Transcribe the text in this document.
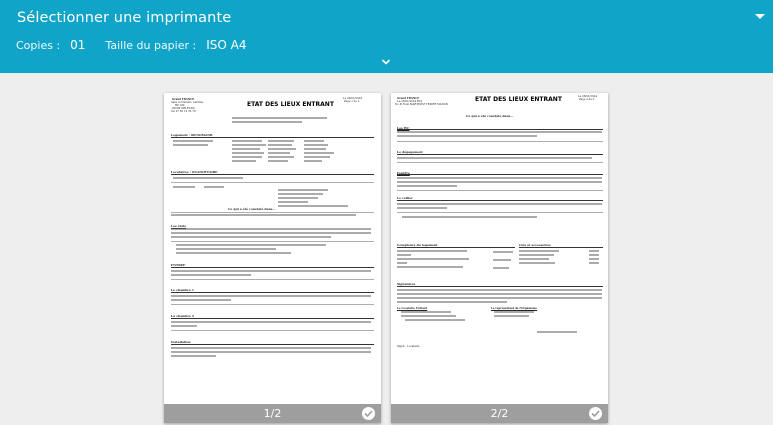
Sélectionner une imprimante
Copies : 01 Taille du papier : ISO A4
Grand FRANCE
Sans le Numéro Lardine
BP 100
45000 ORLÉANS
Tel 07 65 12 35 78
ETAT DES LIEUX ENTRANT
Le 28/01/2024
Page 1 de 2
Logement : 00/NOMANB
Locataires : 03/ANOTTAIRE
Ce qui a été constaté dans...
Les états
ENTRÉE
Le chambre 1
La chambre 2
Installation
1/2
Grand FRANCE
Le 25/01/2024 ÉTA
No & Nom MARTINEZ TEXIER MANON
ETAT DES LIEUX ENTRANT	Le 28/01/2024
Page 2 de 2
Ce qui a été constaté dans...
Les WC
Le dégagement
Fenêtre
Le cellier
Compteurs du logement	Clés et accessoires
Signatures
Le Locataire Entrant	Le représentant de l'Organisme
Signé : Locataire
2/2
